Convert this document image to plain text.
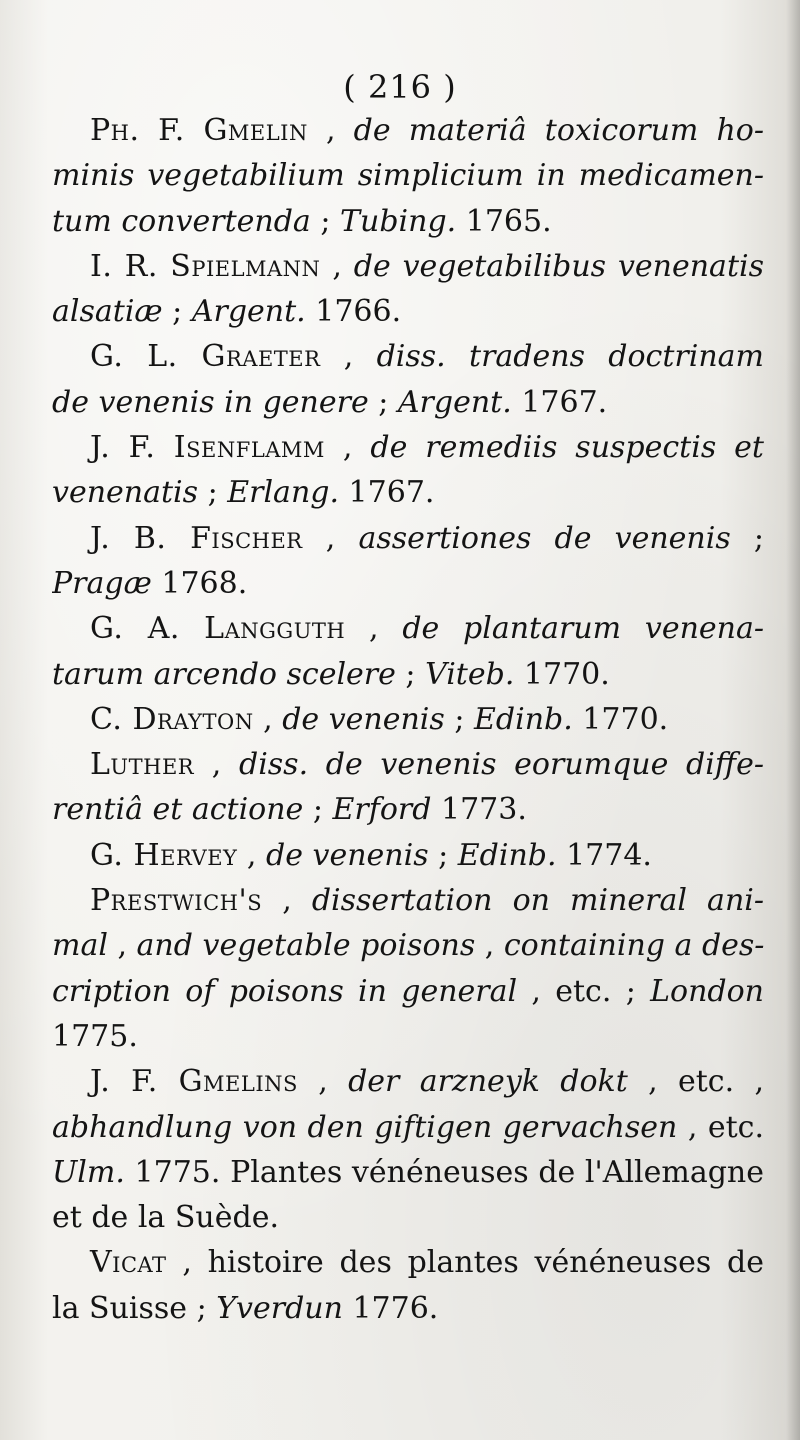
( 216 )
Ph. F. Gmelin , de materiâ toxicorum ho-
minis vegetabilium simplicium in medicamen-
tum convertenda ; Tubing. 1765.
I. R. Spielmann , de vegetabilibus venenatis
alsatiæ ; Argent. 1766.
G. L. Graeter , diss. tradens doctrinam
de venenis in genere ; Argent. 1767.
J. F. Isenflamm , de remediis suspectis et
venenatis ; Erlang. 1767.
J. B. Fischer , assertiones de venenis ;
Pragæ 1768.
G. A. Langguth , de plantarum venena-
tarum arcendo scelere ; Viteb. 1770.
C. Drayton , de venenis ; Edinb. 1770.
Luther , diss. de venenis eorumque diffe-
rentiâ et actione ; Erford 1773.
G. Hervey , de venenis ; Edinb. 1774.
Prestwich's , dissertation on mineral ani-
mal , and vegetable poisons , containing a des-
cription of poisons in general , etc. ; London
1775.
J. F. Gmelins , der arzneyk dokt , etc. ,
abhandlung von den giftigen gervachsen , etc.
Ulm. 1775. Plantes vénéneuses de l'Allemagne
et de la Suède.
Vicat , histoire des plantes vénéneuses de
la Suisse ; Yverdun 1776.
